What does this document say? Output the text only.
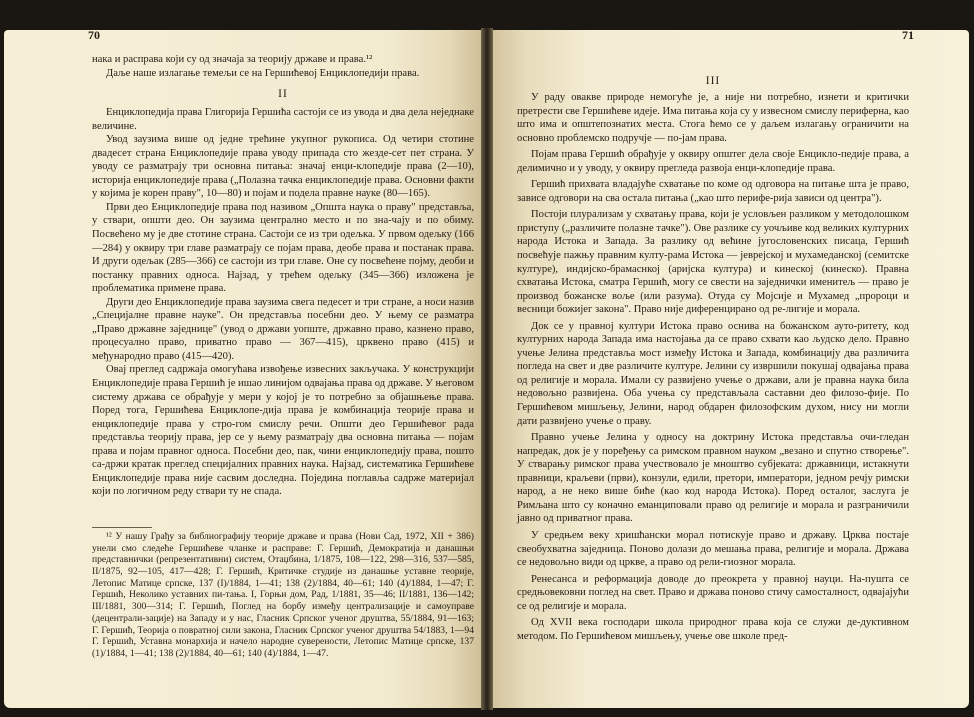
нака и расправа који су од значаја за теорију државе и права.¹²

Даље наше излагање темељи се на Гершићевој Енциклопедији права.

II

Енциклопедија права Глигорија Гершића састоји се из увода и два дела неједнаке величине.

Увод заузима више од једне трећине укупног рукописа. Од четири стотине двадесет страна Енциклопедије права уводу припада сто жезде-сет пет страна. У уводу се разматрају три основна питања: значај енци-клопедије права (2—10), историја енциклопедије права („Полазна тачка енциклопедије права. Основни факти у којима је корен праву", 10—80) и појам и подела правне науке (80—165).

Први део Енциклопедије права под називом „Општа наука о праву" представља, у ствари, општи део. Он заузима централно место и по зна-чају и по обиму. Посвећено му је две стотине страна. Састоји се из три одељка. У првом одељку (166—284) у оквиру три главе разматрају се појам права, деобе права и постанак права. И други одељак (285—366) се састоји из три главе. Оне су посвећене појму, деоби и постанку правних односа. Најзад, у трећем одељку (345—366) изложена је проблематика примене права.

Други део Енциклопедије права заузима свега педесет и три стране, а носи назив „Специјалне правне науке". Он представља посебни део. У њему се разматра „Право државне заједнице" (увод о држави уопште, државно право, казнено право, процесуално право, приватно право — 367—415), црквено право (415) и међународно право (415—420).

Овај преглед садржаја омогућава извођење извесних закључака. У конструкцији Енциклопедије права Гершић је ишао линијом одвајања права од државе. У његовом систему држава се обрађује у мери у којој је то потребно за објашњење права. Поред тога, Гершићева Енциклопе-дија права је комбинација теорије права и енциклопедије права у стро-гом смислу речи. Општи део Гершићевог рада представља теорију права, јер се у њему разматрају два основна питања — појам права и појам правног односа. Посебни део, пак, чини енциклопедију права, пошто са-држи кратак преглед специјалних правних наука. Најзад, систематика Гершићеве Енциклопедије права није сасвим доследна. Појединa поглавља садрже материјал који по логичном реду ствари ту не спада.

¹² У нашу Грађу за библиографију теорије државе и права (Нови Сад, 1972, XII + 386) унели смо следеће Гершићеве чланке и расправе: Г. Гершић, Демократија и данашњи представнички (репрезентативни) систем, Отаџбина, 1/1875, 108—122, 298—316, 537—585, II/1875, 92—105, 417—428; Г. Гершић, Критичке студије из данашње уставне теорије, Летопис Матице српске, 137 (I)/1884, 1—41; 138 (2)/1884, 40—61; 140 (4)/1884, 1—47; Г. Гершић, Неколико уставних пи-тања. I, Горњи дом, Рад, 1/1881, 35—46; II/1881, 136—142; III/1881, 300—314; Г. Гершић, Поглед на борбу између централизације и самоуправе (децентрали-зације) на Западу и у нас, Гласник Српског ученог друштва, 55/1884, 91—163; Г. Гершић, Теорија о повратној сили закона, Гласник Српског ученог друштва 54/1883, 1—94 Г. Гершић, Уставна монархија и начело народне суверености, Летопис Матице српске, 137 (1)/1884, 1—41; 138 (2)/1884, 40—61; 140 (4)/1884, 1—47.

70
III

У раду овакве природе немогуће је, а није ни потребно, изнети и критички претрести све Гершићеве идеје. Има питања која су у извесном смислу периферна, као што има и општепознатих места. Стога ћемо се у даљем излагању ограничити на основно проблемско подручје — по-јам права.

Појам права Гершић обрађује у оквиру општег дела своје Енцикло-педије права, а делимично и у уводу, у оквиру прегледа развоја енци-клопедије права.

Гершић прихвата владајуће схватање по коме од одговора на питање шта је право, зависе одговори на сва остала питања („као што перифе-рија зависи од центра").

Постоји плурализам у схватању права, који је условљен разликом у методолошком приступу („различите полазне тачке"). Ове разлике су уочљиве код великих културних народа Истока и Запада. За разлику од већине југословенских писаца, Гершић посвећује пажњу правним култу-рама Истока — јеврејској и мухамеданској (семитске културе), индијско-брамаснкој (аријска култура) и кинеској (кинеско). Правна схватања Истока, сматра Гершић, могу се свести на заједнички именитељ — право је производ божанске воље (или разума). Отуда су Мојсије и Мухамед „пророци и весници божијег закона". Право није диференцирано од ре-лигије и морала.

Док се у правној култури Истока право оснива на божанском ауто-ритету, код културних народа Запада има настојања да се право схвати као људско дело. Правно учење Јелина представља мост између Истока и Запада, комбинацију два различита погледа на свет и две различите културе. Јелини су извршили покушај одвајања права од религије и морала. Имали су развијено учење о држави, али је правна наука била недовољно развијена. Оба учења су представљала саставни део филозо-фије. По Гершићевом мишљењу, Јелини, народ обдарен филозофским духом, нису ни могли дати развијено учење о праву.

Правно учење Јелина у односу на доктрину Истока представља очи-гледан напредак, док је у поређењу са римском правном науком „везано и спутно створење". У стварању римског права учествовало је мноштво субјеката: државници, истакнути правници, краљеви (први), конзули, едили, претори, императори, једном речју римски народ, а не неко више биће (као код народа Истока). Поред осталог, заслуга је Римљана што су коначно еманциповали право од религије и морала и разграничили јавно од приватног права.

У средњем веку хришћански морал потискује право и државу. Црква постаје свеобухватна заједница. Поново долази до мешања права, религије и морала. Држава се недовољно види од цркве, а право од рели-гиозног морала.

Ренесанса и реформација доводе до преокрета у правној науци. На-пушта се средњовековни поглед на свет. Право и држава поново стичу самосталност, одвајајући се од религије и морала.

Од XVII века господари школа природног права која се служи де-дуктивном методом. По Гершићевом мишљењу, учење ове школе пред-

71
